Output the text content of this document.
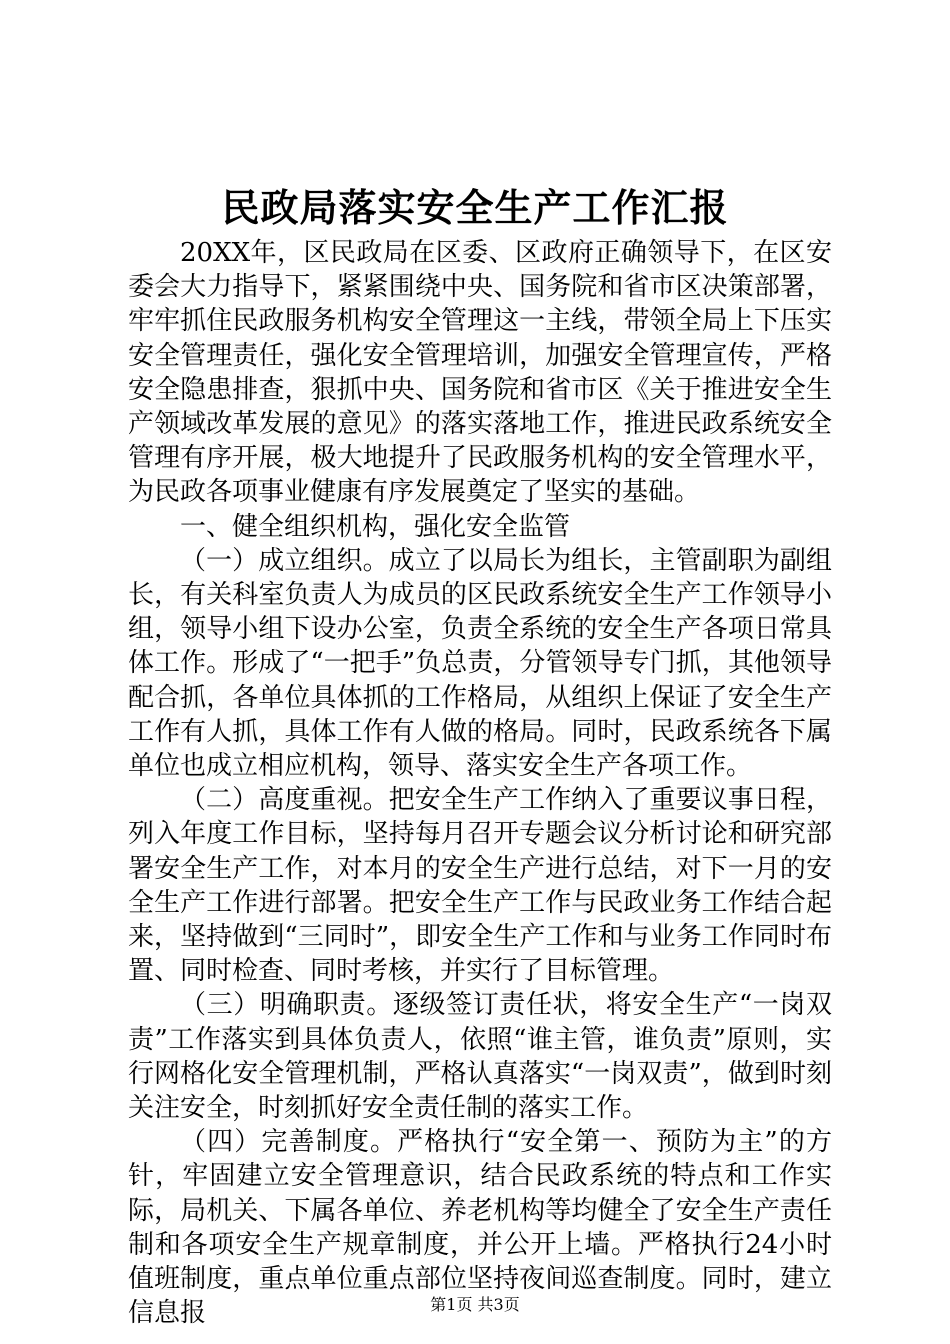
民政局落实安全生产工作汇报

20XX年，区民政局在区委、区政府正确领导下，在区安委会大力指导下，紧紧围绕中央、国务院和省市区决策部署，牢牢抓住民政服务机构安全管理这一主线，带领全局上下压实安全管理责任，强化安全管理培训，加强安全管理宣传，严格安全隐患排查，狠抓中央、国务院和省市区《关于推进安全生产领域改革发展的意见》的落实落地工作，推进民政系统安全管理有序开展，极大地提升了民政服务机构的安全管理水平，为民政各项事业健康有序发展奠定了坚实的基础。

一、健全组织机构，强化安全监管

（一）成立组织。成立了以局长为组长，主管副职为副组长，有关科室负责人为成员的区民政系统安全生产工作领导小组，领导小组下设办公室，负责全系统的安全生产各项日常具体工作。形成了“一把手”负总责，分管领导专门抓，其他领导配合抓，各单位具体抓的工作格局，从组织上保证了安全生产工作有人抓，具体工作有人做的格局。同时，民政系统各下属单位也成立相应机构，领导、落实安全生产各项工作。

（二）高度重视。把安全生产工作纳入了重要议事日程，列入年度工作目标，坚持每月召开专题会议分析讨论和研究部署安全生产工作，对本月的安全生产进行总结，对下一月的安全生产工作进行部署。把安全生产工作与民政业务工作结合起来，坚持做到“三同时”，即安全生产工作和与业务工作同时布置、同时检查、同时考核，并实行了目标管理。

（三）明确职责。逐级签订责任状，将安全生产“一岗双责”工作落实到具体负责人，依照“谁主管，谁负责”原则，实行网格化安全管理机制，严格认真落实“一岗双责”，做到时刻关注安全，时刻抓好安全责任制的落实工作。

（四）完善制度。严格执行“安全第一、预防为主”的方针，牢固建立安全管理意识，结合民政系统的特点和工作实际，局机关、下属各单位、养老机构等均健全了安全生产责任制和各项安全生产规章制度，并公开上墙。严格执行24小时值班制度，重点单位重点部位坚持夜间巡查制度。同时，建立信息报	第1页 共3页
